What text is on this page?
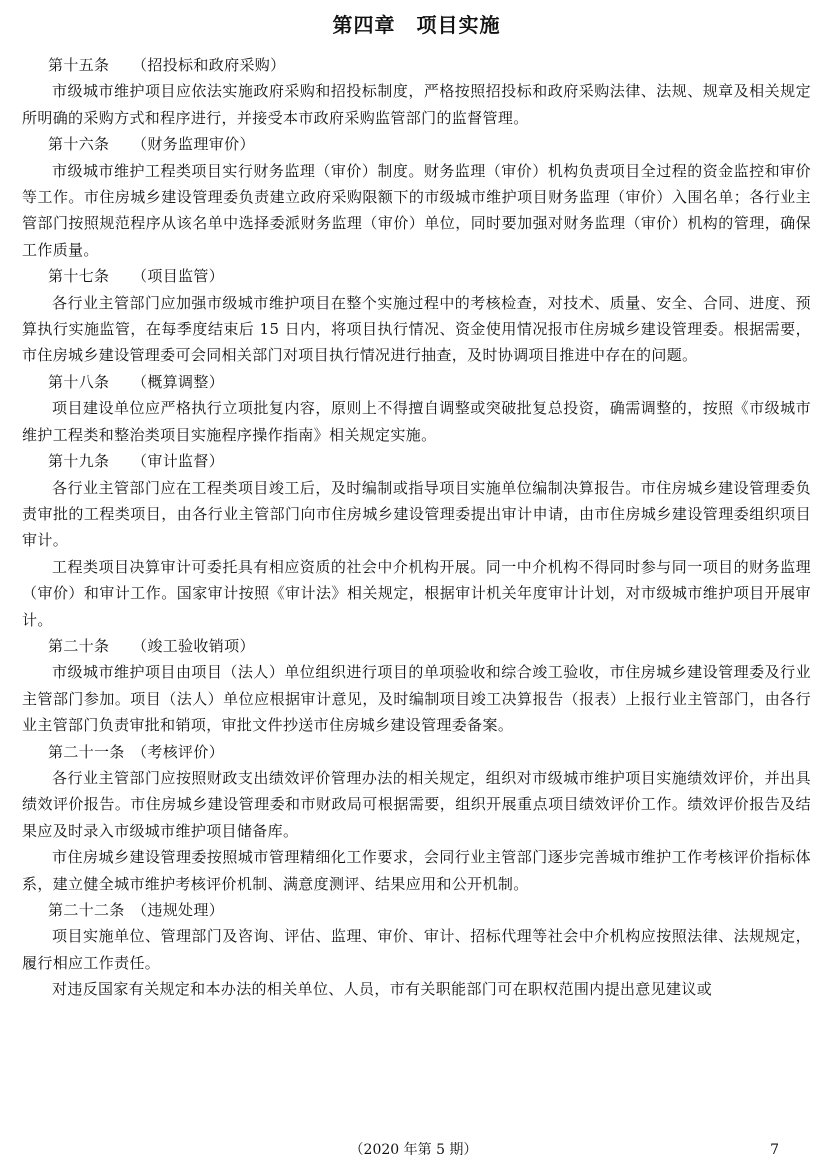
第四章　项目实施

第十五条 （招投标和政府采购）

市级城市维护项目应依法实施政府采购和招投标制度，严格按照招投标和政府采购法律、法规、规章及相关规定所明确的采购方式和程序进行，并接受本市政府采购监管部门的监督管理。

第十六条 （财务监理审价）

市级城市维护工程类项目实行财务监理（审价）制度。财务监理（审价）机构负责项目全过程的资金监控和审价等工作。市住房城乡建设管理委负责建立政府采购限额下的市级城市维护项目财务监理（审价）入围名单；各行业主管部门按照规范程序从该名单中选择委派财务监理（审价）单位，同时要加强对财务监理（审价）机构的管理，确保工作质量。

第十七条 （项目监管）

各行业主管部门应加强市级城市维护项目在整个实施过程中的考核检查，对技术、质量、安全、合同、进度、预算执行实施监管，在每季度结束后 15 日内，将项目执行情况、资金使用情况报市住房城乡建设管理委。根据需要，市住房城乡建设管理委可会同相关部门对项目执行情况进行抽查，及时协调项目推进中存在的问题。

第十八条 （概算调整）

项目建设单位应严格执行立项批复内容，原则上不得擅自调整或突破批复总投资，确需调整的，按照《市级城市维护工程类和整治类项目实施程序操作指南》相关规定实施。

第十九条 （审计监督）

各行业主管部门应在工程类项目竣工后，及时编制或指导项目实施单位编制决算报告。市住房城乡建设管理委负责审批的工程类项目，由各行业主管部门向市住房城乡建设管理委提出审计申请，由市住房城乡建设管理委组织项目审计。

工程类项目决算审计可委托具有相应资质的社会中介机构开展。同一中介机构不得同时参与同一项目的财务监理（审价）和审计工作。国家审计按照《审计法》相关规定，根据审计机关年度审计计划，对市级城市维护项目开展审计。

第二十条 （竣工验收销项）

市级城市维护项目由项目（法人）单位组织进行项目的单项验收和综合竣工验收，市住房城乡建设管理委及行业主管部门参加。项目（法人）单位应根据审计意见，及时编制项目竣工决算报告（报表）上报行业主管部门，由各行业主管部门负责审批和销项，审批文件抄送市住房城乡建设管理委备案。

第二十一条 （考核评价）

各行业主管部门应按照财政支出绩效评价管理办法的相关规定，组织对市级城市维护项目实施绩效评价，并出具绩效评价报告。市住房城乡建设管理委和市财政局可根据需要，组织开展重点项目绩效评价工作。绩效评价报告及结果应及时录入市级城市维护项目储备库。

市住房城乡建设管理委按照城市管理精细化工作要求，会同行业主管部门逐步完善城市维护工作考核评价指标体系，建立健全城市维护考核评价机制、满意度测评、结果应用和公开机制。

第二十二条 （违规处理）

项目实施单位、管理部门及咨询、评估、监理、审价、审计、招标代理等社会中介机构应按照法律、法规规定，履行相应工作责任。

对违反国家有关规定和本办法的相关单位、人员，市有关职能部门可在职权范围内提出意见建议或

（2020 年第 5 期）	7
